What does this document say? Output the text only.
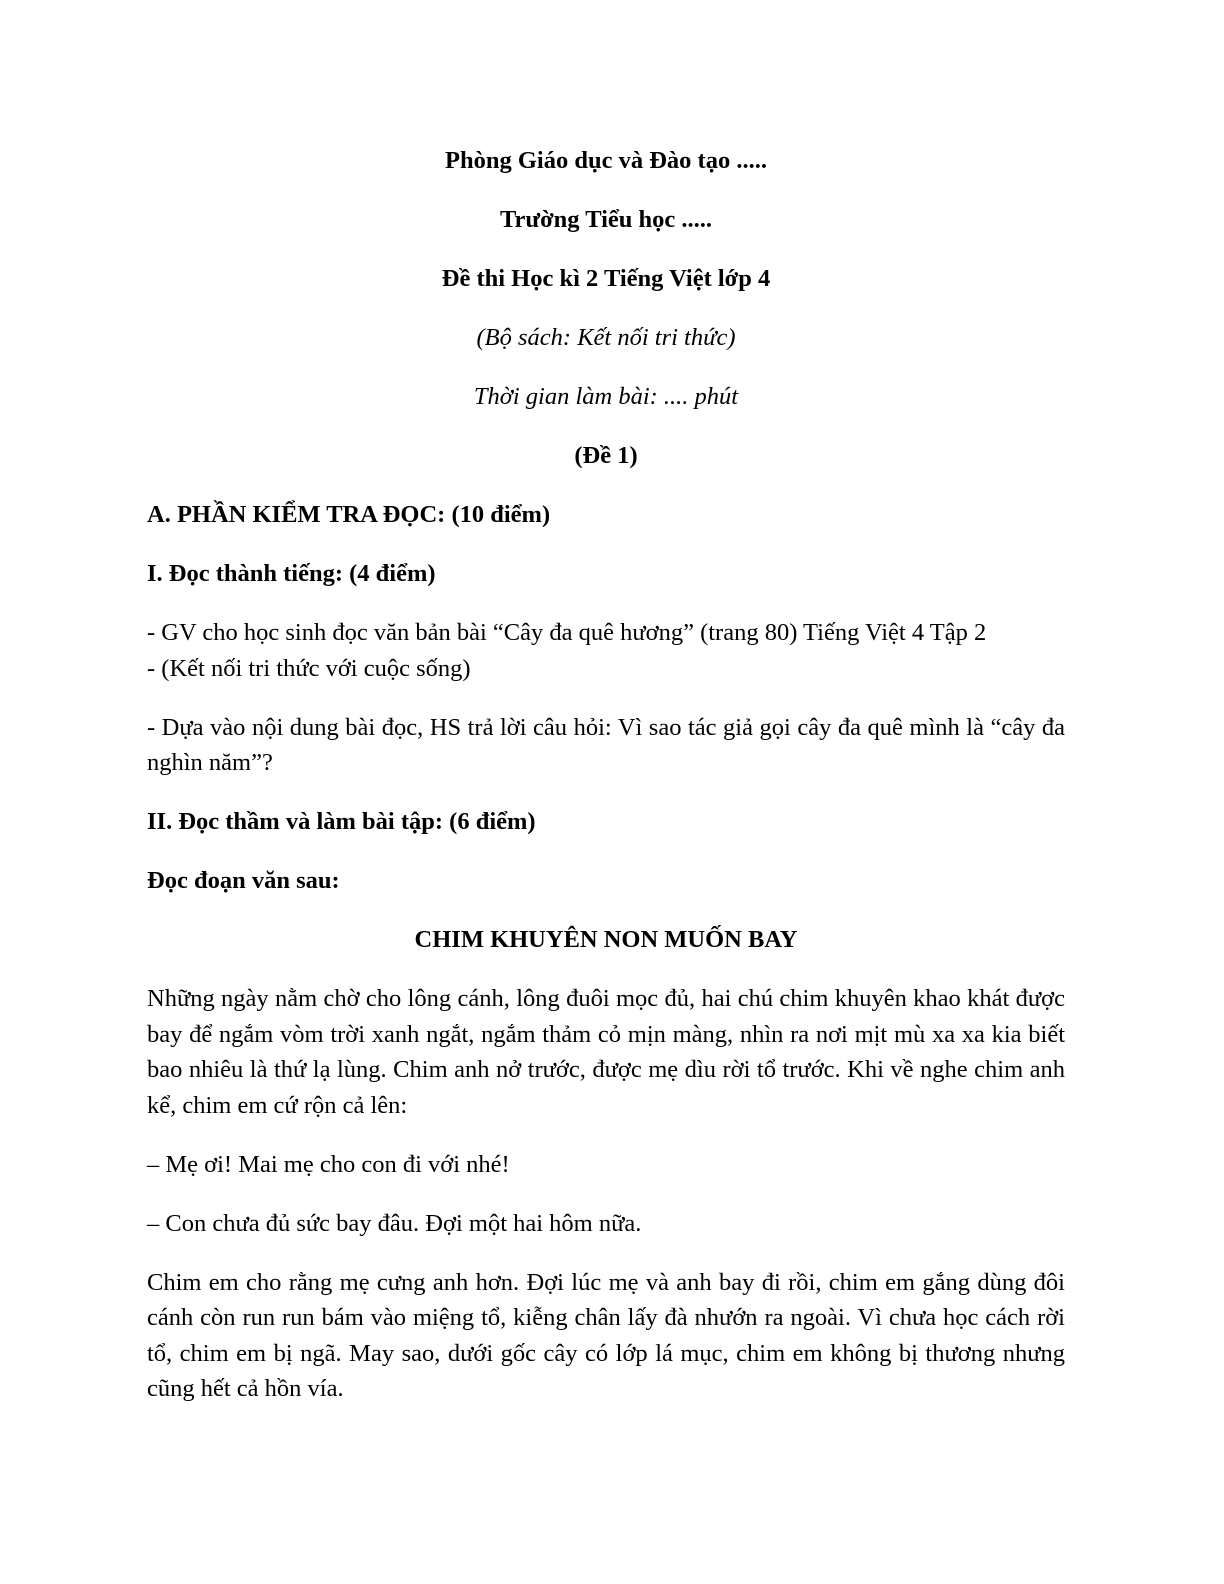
Phòng Giáo dục và Đào tạo .....

Trường Tiểu học .....

Đề thi Học kì 2 Tiếng Việt lớp 4

(Bộ sách: Kết nối tri thức)

Thời gian làm bài: .... phút

(Đề 1)

A. PHẦN KIỂM TRA ĐỌC: (10 điểm)

I. Đọc thành tiếng: (4 điểm)

- GV cho học sinh đọc văn bản bài “Cây đa quê hương” (trang 80) Tiếng Việt 4 Tập 2
- (Kết nối tri thức với cuộc sống)

- Dựa vào nội dung bài đọc, HS trả lời câu hỏi: Vì sao tác giả gọi cây đa quê mình là “cây đa nghìn năm”?

II. Đọc thầm và làm bài tập: (6 điểm)

Đọc đoạn văn sau:

CHIM KHUYÊN NON MUỐN BAY

Những ngày nằm chờ cho lông cánh, lông đuôi mọc đủ, hai chú chim khuyên khao khát được bay để ngắm vòm trời xanh ngắt, ngắm thảm cỏ mịn màng, nhìn ra nơi mịt mù xa xa kia biết bao nhiêu là thứ lạ lùng. Chim anh nở trước, được mẹ dìu rời tổ trước. Khi về nghe chim anh kể, chim em cứ rộn cả lên:

– Mẹ ơi! Mai mẹ cho con đi với nhé!

– Con chưa đủ sức bay đâu. Đợi một hai hôm nữa.

Chim em cho rằng mẹ cưng anh hơn. Đợi lúc mẹ và anh bay đi rồi, chim em gắng dùng đôi cánh còn run run bám vào miệng tổ, kiễng chân lấy đà nhướn ra ngoài. Vì chưa học cách rời tổ, chim em bị ngã. May sao, dưới gốc cây có lớp lá mục, chim em không bị thương nhưng cũng hết cả hồn vía.
